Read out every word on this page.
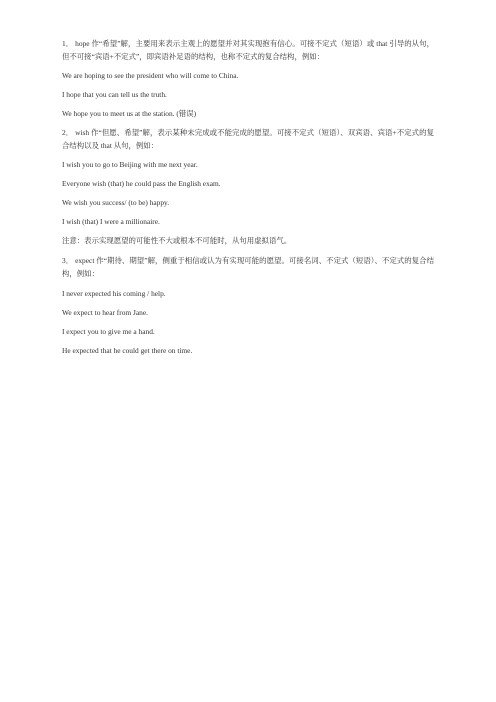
1． hope 作“希望”解，主要用来表示主观上的愿望并对其实现抱有信心。可接不定式（短语）或 that 引导的从句，但不可接“宾语+不定式”，即宾语补足语的结构，也称不定式的复合结构，例如：

We are hoping to see the president who will come to China.

I hope that you can tell us the truth.

We hope you to meet us at the station. (错误)

2． wish 作“但愿、希望”解，表示某种未完成或不能完成的愿望。可接不定式（短语）、双宾语、宾语+不定式的复合结构以及 that 从句，例如：

I wish you to go to Beijing with me next year.

Everyone wish (that) he could pass the English exam.

We wish you success/ (to be) happy.

I wish (that) I were a millionaire.

注意：表示实现愿望的可能性不大或根本不可能时，从句用虚拟语气。

3． expect 作“期待、期望”解，侧重于相信或认为有实现可能的愿望。可接名词、不定式（短语）、不定式的复合结构，例如：

I never expected his coming / help.

We expect to hear from Jane.

I expect you to give me a hand.

He expected that he could get there on time.
